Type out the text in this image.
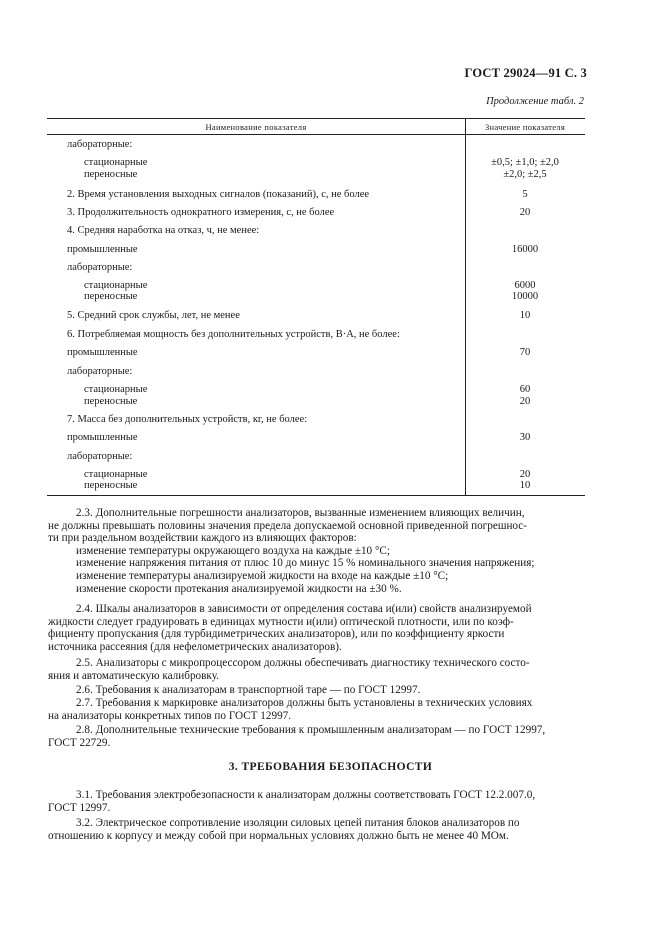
ГОСТ 29024—91 С. 3
Продолжение табл. 2
Наименование показателя	Значение показателя
лабораторные:
стационарные	±0,5; ±1,0; ±2,0
переносные	±2,0; ±2,5
2. Время установления выходных сигналов (показаний), с, не более	5
3. Продолжительность однократного измерения, с, не более	20
4. Средняя наработка на отказ, ч, не менее:
промышленные	16000
лабораторные:
стационарные	6000
переносные	10000
5. Средний срок службы, лет, не менее	10
6. Потребляемая мощность без дополнительных устройств, В·А, не более:
промышленные	70
лабораторные:
стационарные	60
переносные	20
7. Масса без дополнительных устройств, кг, не более:
промышленные	30
лабораторные:
стационарные	20
переносные	10
2.3. Дополнительные погрешности анализаторов, вызванные изменением влияющих величин,
не должны превышать половины значения предела допускаемой основной приведенной погрешнос-
ти при раздельном воздействии каждого из влияющих факторов:
изменение температуры окружающего воздуха на каждые ±10 °С;
изменение напряжения питания от плюс 10 до минус 15 % номинального значения напряжения;
изменение температуры анализируемой жидкости на входе на каждые ±10 °С;
изменение скорости протекания анализируемой жидкости на ±30 %.
2.4. Шкалы анализаторов в зависимости от определения состава и(или) свойств анализируемой
жидкости следует градуировать в единицах мутности и(или) оптической плотности, или по коэф-
фициенту пропускания (для турбидиметрических анализаторов), или по коэффициенту яркости
источника рассеяния (для нефелометрических анализаторов).
2.5. Анализаторы с микропроцессором должны обеспечивать диагностику технического состо-
яния и автоматическую калибровку.
2.6. Требования к анализаторам в транспортной таре — по ГОСТ 12997.
2.7. Требования к маркировке анализаторов должны быть установлены в технических условиях
на анализаторы конкретных типов по ГОСТ 12997.
2.8. Дополнительные технические требования к промышленным анализаторам — по ГОСТ 12997,
ГОСТ 22729.
3. ТРЕБОВАНИЯ БЕЗОПАСНОСТИ
3.1. Требования электробезопасности к анализаторам должны соответствовать ГОСТ 12.2.007.0,
ГОСТ 12997.
3.2. Электрическое сопротивление изоляции силовых цепей питания блоков анализаторов по
отношению к корпусу и между собой при нормальных условиях должно быть не менее 40 МОм.
